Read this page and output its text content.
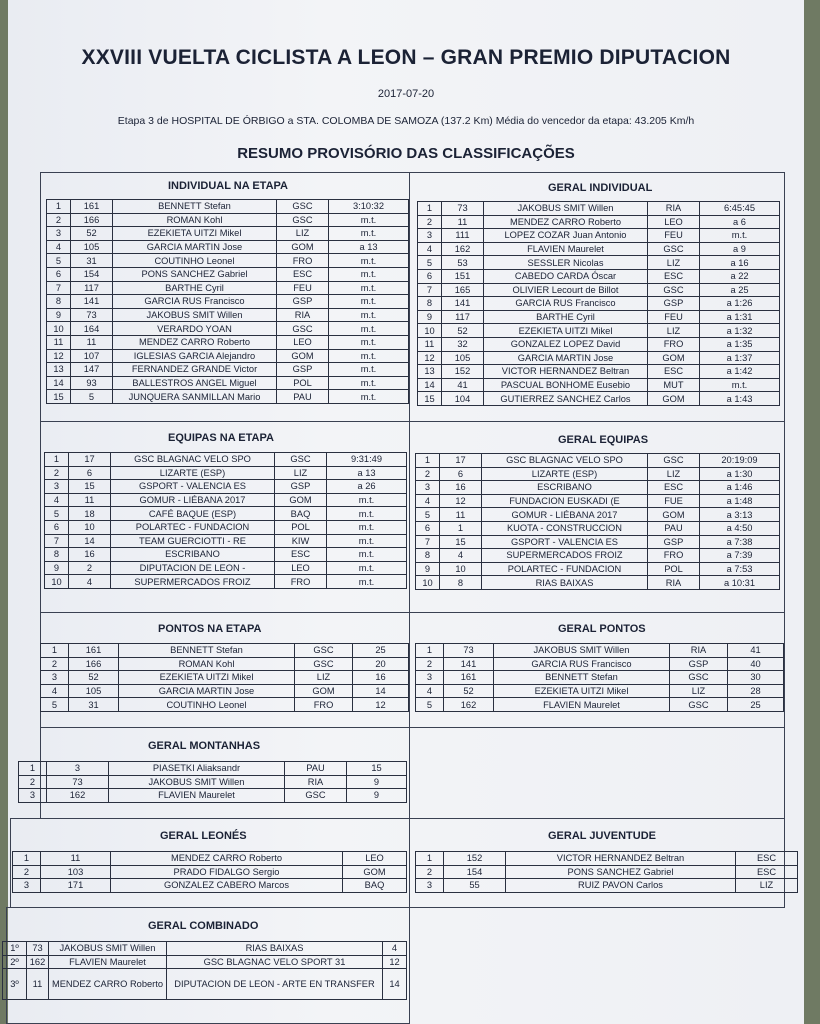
XXVIII VUELTA CICLISTA A LEON – GRAN PREMIO DIPUTACION
2017-07-20
Etapa 3 de HOSPITAL DE ÓRBIGO a STA. COLOMBA DE SAMOZA (137.2 Km) Média do vencedor da etapa: 43.205 Km/h
RESUMO PROVISÓRIO DAS CLASSIFICAÇÕES
INDIVIDUAL NA ETAPA
1	161	BENNETT Stefan	GSC	3:10:32
2	166	ROMAN Kohl	GSC	m.t.
3	52	EZEKIETA UITZI Mikel	LIZ	m.t.
4	105	GARCIA MARTIN Jose	GOM	a 13
5	31	COUTINHO Leonel	FRO	m.t.
6	154	PONS SANCHEZ Gabriel	ESC	m.t.
7	117	BARTHE Cyril	FEU	m.t.
8	141	GARCIA RUS Francisco	GSP	m.t.
9	73	JAKOBUS SMIT Willen	RIA	m.t.
10	164	VERARDO YOAN	GSC	m.t.
11	11	MENDEZ CARRO Roberto	LEO	m.t.
12	107	IGLESIAS GARCIA Alejandro	GOM	m.t.
13	147	FERNANDEZ GRANDE Victor	GSP	m.t.
14	93	BALLESTROS ANGEL Miguel	POL	m.t.
15	5	JUNQUERA SANMILLAN Mario	PAU	m.t.
GERAL INDIVIDUAL
1	73	JAKOBUS SMIT Willen	RIA	6:45:45
2	11	MENDEZ CARRO Roberto	LEO	a 6
3	111	LOPEZ COZAR Juan Antonio	FEU	m.t.
4	162	FLAVIEN Maurelet	GSC	a 9
5	53	SESSLER Nicolas	LIZ	a 16
6	151	CABEDO CARDA Óscar	ESC	a 22
7	165	OLIVIER Lecourt de Billot	GSC	a 25
8	141	GARCIA RUS Francisco	GSP	a 1:26
9	117	BARTHE Cyril	FEU	a 1:31
10	52	EZEKIETA UITZI Mikel	LIZ	a 1:32
11	32	GONZALEZ LOPEZ David	FRO	a 1:35
12	105	GARCIA MARTIN Jose	GOM	a 1:37
13	152	VICTOR HERNANDEZ Beltran	ESC	a 1:42
14	41	PASCUAL BONHOME Eusebio	MUT	m.t.
15	104	GUTIERREZ SANCHEZ Carlos	GOM	a 1:43
EQUIPAS NA ETAPA
1	17	GSC BLAGNAC VELO SPO	GSC	9:31:49
2	6	LIZARTE (ESP)	LIZ	a 13
3	15	GSPORT - VALENCIA ES	GSP	a 26
4	11	GOMUR - LIÉBANA 2017	GOM	m.t.
5	18	CAFÉ BAQUE (ESP)	BAQ	m.t.
6	10	POLARTEC - FUNDACION	POL	m.t.
7	14	TEAM GUERCIOTTI - RE	KIW	m.t.
8	16	ESCRIBANO	ESC	m.t.
9	2	DIPUTACION DE LEON -	LEO	m.t.
10	4	SUPERMERCADOS FROIZ	FRO	m.t.
GERAL EQUIPAS
1	17	GSC BLAGNAC VELO SPO	GSC	20:19:09
2	6	LIZARTE (ESP)	LIZ	a 1:30
3	16	ESCRIBANO	ESC	a 1:46
4	12	FUNDACION EUSKADI (E	FUE	a 1:48
5	11	GOMUR - LIÉBANA 2017	GOM	a 3:13
6	1	KUOTA - CONSTRUCCION	PAU	a 4:50
7	15	GSPORT - VALENCIA ES	GSP	a 7:38
8	4	SUPERMERCADOS FROIZ	FRO	a 7:39
9	10	POLARTEC - FUNDACION	POL	a 7:53
10	8	RIAS BAIXAS	RIA	a 10:31
PONTOS NA ETAPA
1	161	BENNETT Stefan	GSC	25
2	166	ROMAN Kohl	GSC	20
3	52	EZEKIETA UITZI Mikel	LIZ	16
4	105	GARCIA MARTIN Jose	GOM	14
5	31	COUTINHO Leonel	FRO	12
GERAL PONTOS
1	73	JAKOBUS SMIT Willen	RIA	41
2	141	GARCIA RUS Francisco	GSP	40
3	161	BENNETT Stefan	GSC	30
4	52	EZEKIETA UITZI Mikel	LIZ	28
5	162	FLAVIEN Maurelet	GSC	25
GERAL MONTANHAS
1	3	PIASETKI Aliaksandr	PAU	15
2	73	JAKOBUS SMIT Willen	RIA	9
3	162	FLAVIEN Maurelet	GSC	9
GERAL LEONÉS
1	11	MENDEZ CARRO Roberto	LEO
2	103	PRADO FIDALGO Sergio	GOM
3	171	GONZALEZ CABERO Marcos	BAQ
GERAL JUVENTUDE
1	152	VICTOR HERNANDEZ Beltran	ESC
2	154	PONS SANCHEZ Gabriel	ESC
3	55	RUIZ PAVON Carlos	LIZ
GERAL COMBINADO
1º	73	JAKOBUS SMIT Willen	RIAS BAIXAS	4
2º	162	FLAVIEN Maurelet	GSC BLAGNAC VELO SPORT 31	12
3º	11	MENDEZ CARRO Roberto	DIPUTACION DE LEON - ARTE EN TRANSFER	14
